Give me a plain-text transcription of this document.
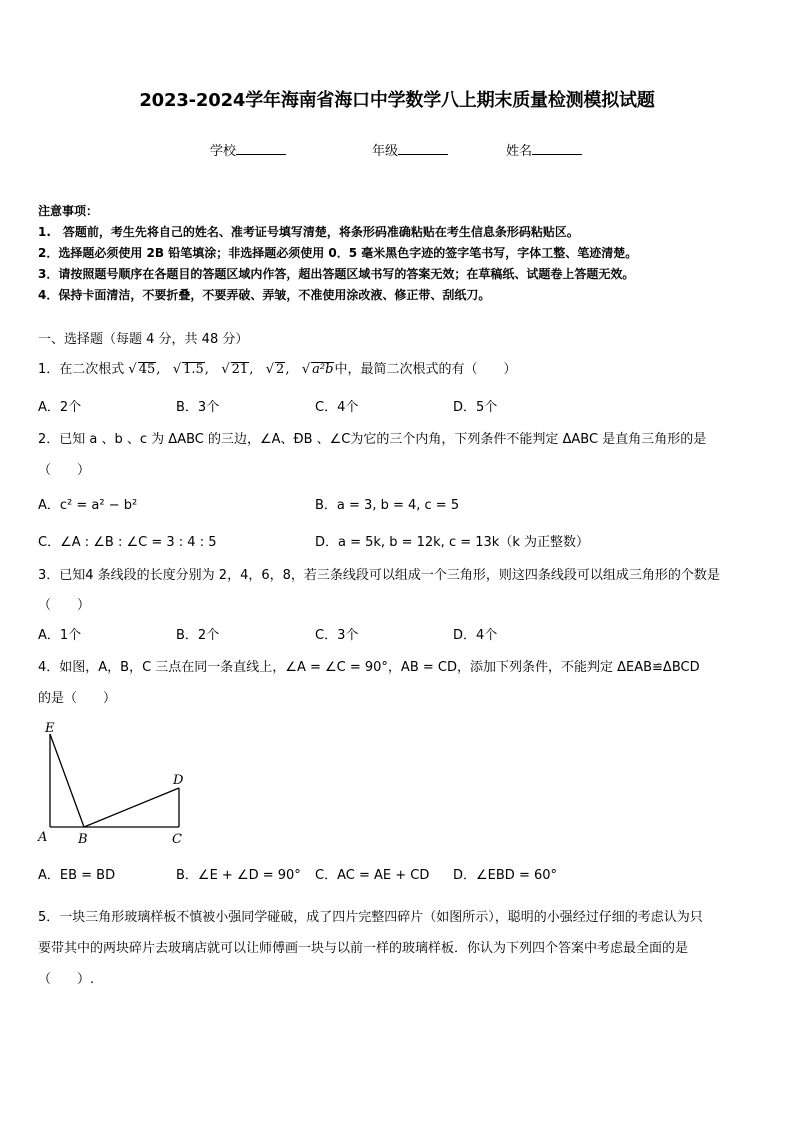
2023-2024学年海南省海口中学数学八上期末质量检测模拟试题
学校	年级	姓名
注意事项：
1.　答题前，考生先将自己的姓名、准考证号填写清楚，将条形码准确粘贴在考生信息条形码粘贴区。
2．选择题必须使用 2B 铅笔填涂；非选择题必须使用 0．5 毫米黑色字迹的签字笔书写，字体工整、笔迹清楚。
3．请按照题号顺序在各题目的答题区域内作答，超出答题区域书写的答案无效；在草稿纸、试题卷上答题无效。
4．保持卡面清洁，不要折叠，不要弄破、弄皱，不准使用涂改液、修正带、刮纸刀。
一、选择题（每题 4 分，共 48 分）
1．在二次根式 √ 45, √ 1.5, √ 21, √ 2, √ a²b中，最简二次根式的有（　　）
A．2个	B．3个	C．4个	D．5个
2．已知 a 、b 、c 为 ΔABC 的三边，∠A、ÐB 、∠C为它的三个内角，下列条件不能判定 ΔABC 是直角三角形的是
（　　）
A．c² = a² − b²	B．a = 3, b = 4, c = 5
C．∠A : ∠B : ∠C = 3 : 4 : 5	D．a = 5k, b = 12k, c = 13k（k 为正整数）
3．已知4 条线段的长度分别为 2，4，6，8，若三条线段可以组成一个三角形，则这四条线段可以组成三角形的个数是
（　　）
A．1个	B．2个	C．3个	D．4个
4．如图，A，B，C 三点在同一条直线上，∠A = ∠C = 90°，AB = CD，添加下列条件，不能判定 ΔEAB≌ΔBCD
的是（　　）
E
D
A B	C
A．EB = BD	B．∠E + ∠D = 90° C．AC = AE + CD D．∠EBD = 60°
5．一块三角形玻璃样板不慎被小强同学碰破，成了四片完整四碎片（如图所示），聪明的小强经过仔细的考虑认为只
要带其中的两块碎片去玻璃店就可以让师傅画一块与以前一样的玻璃样板．你认为下列四个答案中考虑最全面的是
（　　）.
